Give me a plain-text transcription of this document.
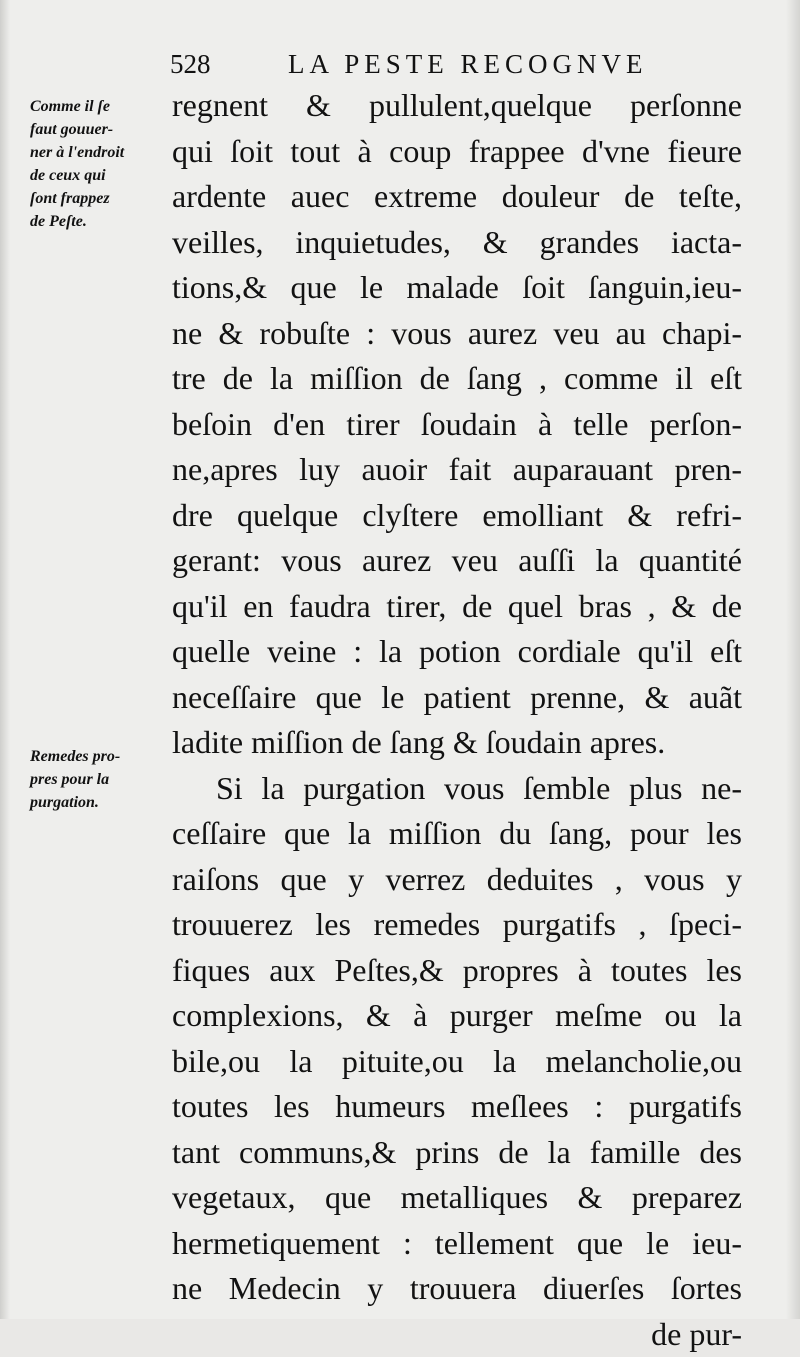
528	LA PESTE RECOGNVE
Comme il ſe
faut gouuer-
ner à l'endroit
de ceux qui
ſont frappez
de Peſte.
Remedes pro-
pres pour la
purgation.
regnent & pullulent,quelque perſonne
qui ſoit tout à coup frappee d'vne fieure
ardente auec extreme douleur de teſte,
veilles, inquietudes, & grandes iacta-
tions,& que le malade ſoit ſanguin,ieu-
ne & robuſte : vous aurez veu au chapi-
tre de la miſſion de ſang , comme il eſt
beſoin d'en tirer ſoudain à telle perſon-
ne,apres luy auoir fait auparauant pren-
dre quelque clyſtere emolliant & refri-
gerant: vous aurez veu auſſi la quantité
qu'il en faudra tirer, de quel bras , & de
quelle veine : la potion cordiale qu'il eſt
neceſſaire que le patient prenne, & auãt
ladite miſſion de ſang & ſoudain apres.
Si la purgation vous ſemble plus ne-
ceſſaire que la miſſion du ſang, pour les
raiſons que y verrez deduites , vous y
trouuerez les remedes purgatifs , ſpeci-
fiques aux Peſtes,& propres à toutes les
complexions, & à purger meſme ou la
bile,ou la pituite,ou la melancholie,ou
toutes les humeurs meſlees : purgatifs
tant communs,& prins de la famille des
vegetaux, que metalliques & preparez
hermetiquement : tellement que le ieu-
ne Medecin y trouuera diuerſes ſortes
de pur-
